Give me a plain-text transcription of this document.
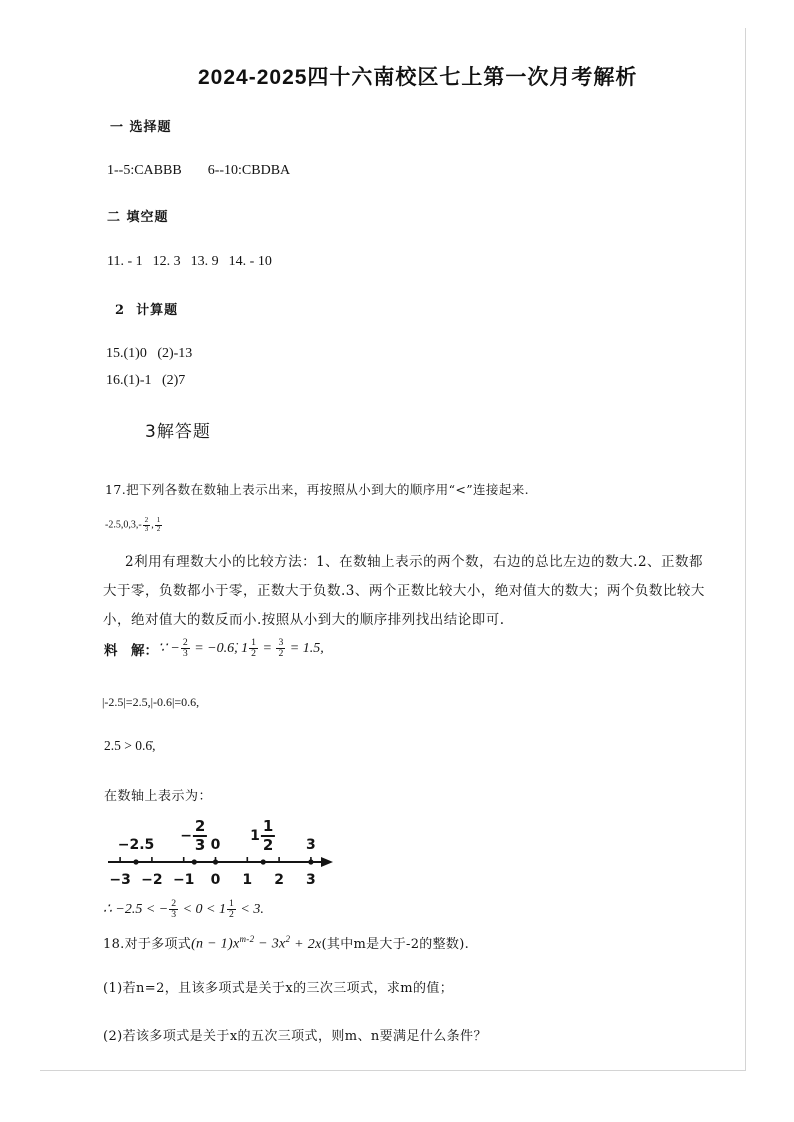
2024-2025四十六南校区七上第一次月考解析
一 选择题
1--5:CABBB 6--10:CBDBA
二 填空题
11. - 1 12. 3 13. 9 14. - 10
2  计算题
15.(1)0   (2)-13
16.(1)-1   (2)7
3解答题
17.把下列各数在数轴上表示出来，再按照从小到大的顺序用“<”连接起来.
$-2.5,0,3,- \frac{2}{3}$ , $\frac{1}{2}$
2利用有理数大小的比较方法：1、在数轴上表示的两个数，右边的总比左边的数大.2、正数都大于零，负数都小于零，正数大于负数.3、两个正数比较大小，绝对值大的数大；两个负数比较大小，绝对值大的数反而小.按照从小到大的顺序排列找出结论即可.
料　解： ∵ − $\frac{2}{3}$ = −0.6̇, $1 \frac{1}{2} = \frac{3}{2} = 1.5$,
|-2.5|=2.5,|-0.6|=0.6,
2.5 > 0.6̇,
在数轴上表示为：
−3 −2 −1 0 1 2 3
−2.5
− $\frac{2}{3} 0$
$1 \frac{1}{2} 3$
∴ −2.5 < − $\frac{2}{3} < 0 < 1 \frac{1}{2} < 3$.
18.对于多项式 $(n - 1)x^{m-2} - 3x^2 + 2x$ (其中m是大于-2的整数).
(1)若n=2，且该多项式是关于x的三次三项式，求m的值；
(2)若该多项式是关于x的五次三项式，则m、n要满足什么条件？
